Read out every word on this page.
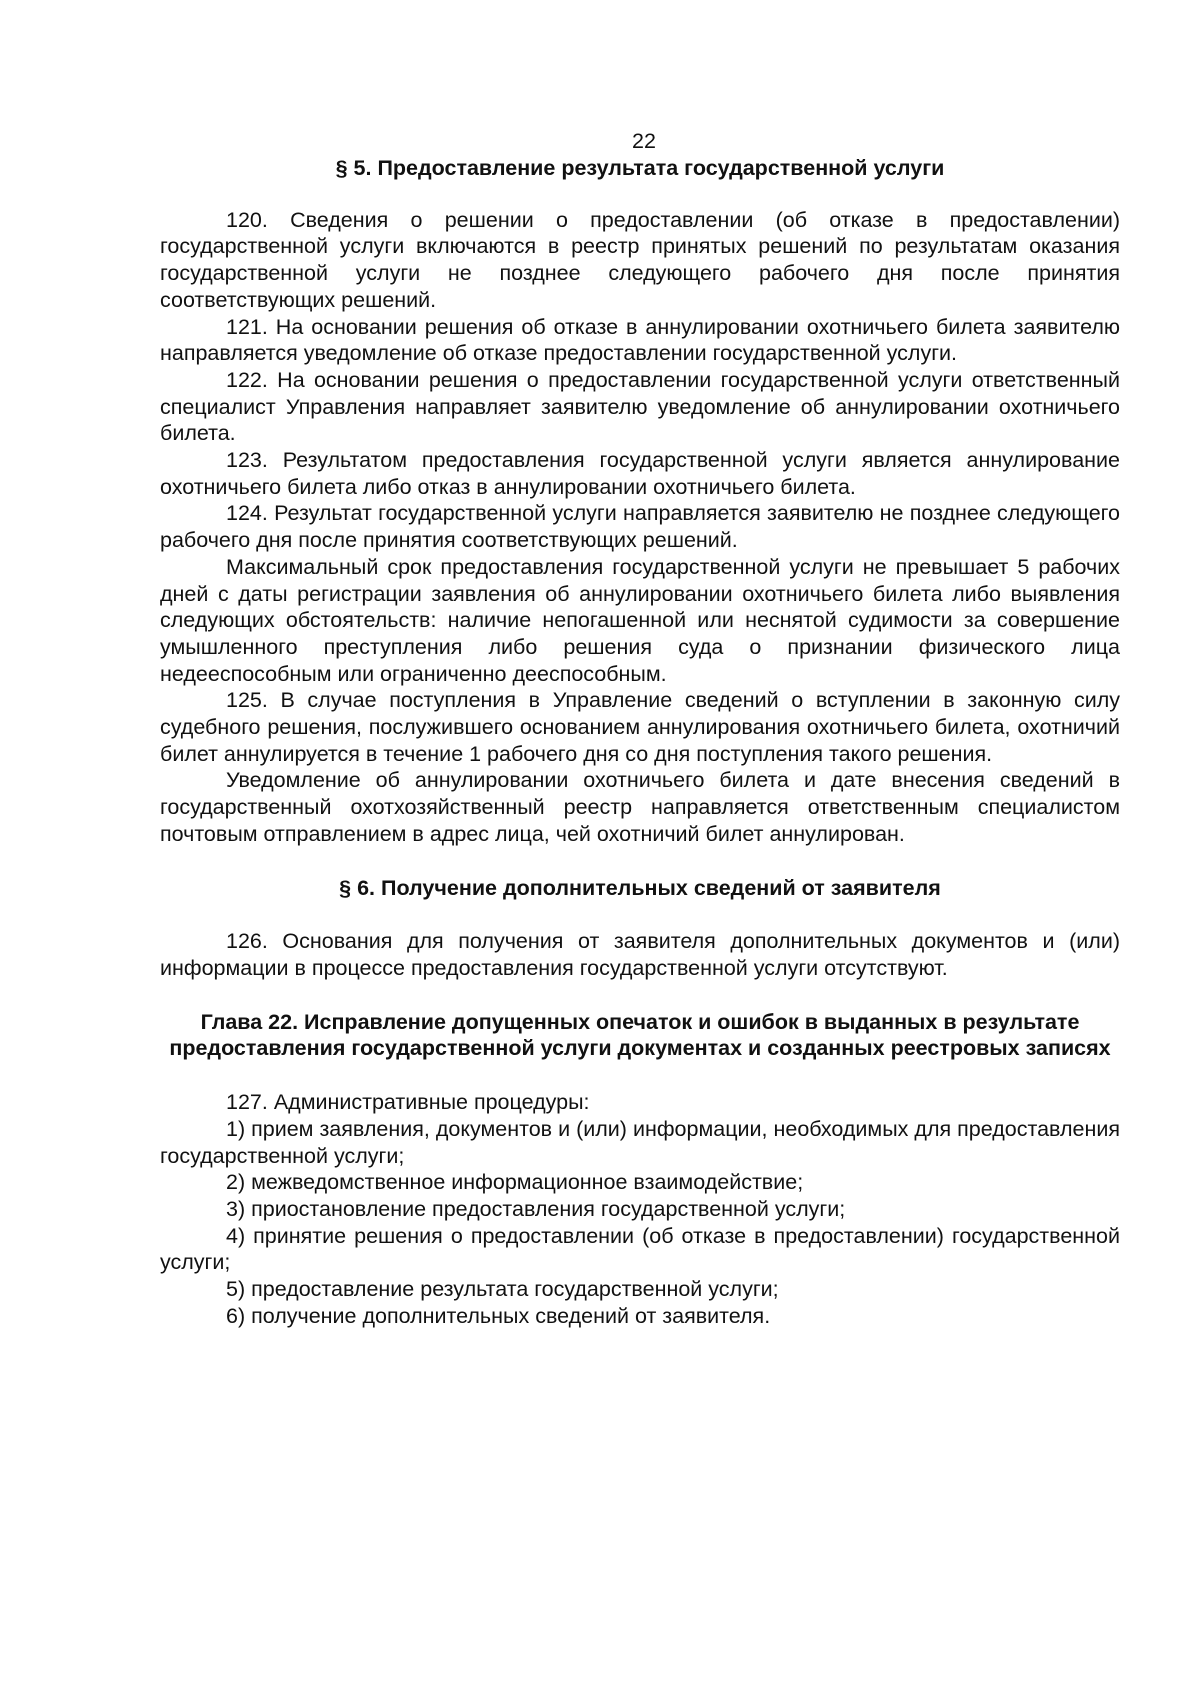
22

§ 5. Предоставление результата государственной услуги

120. Сведения о решении о предоставлении (об отказе в предоставлении) государственной услуги включаются в реестр принятых решений по результатам оказания государственной услуги не позднее следующего рабочего дня после принятия соответствующих решений.

121. На основании решения об отказе в аннулировании охотничьего билета заявителю направляется уведомление об отказе предоставлении государственной услуги.

122. На основании решения о предоставлении государственной услуги ответственный специалист Управления направляет заявителю уведомление об аннулировании охотничьего билета.

123. Результатом предоставления государственной услуги является аннулирование охотничьего билета либо отказ в аннулировании охотничьего билета.

124. Результат государственной услуги направляется заявителю не позднее следующего рабочего дня после принятия соответствующих решений.

Максимальный срок предоставления государственной услуги не превышает 5 рабочих дней с даты регистрации заявления об аннулировании охотничьего билета либо выявления следующих обстоятельств: наличие непогашенной или неснятой судимости за совершение умышленного преступления либо решения суда о признании физического лица недееспособным или ограниченно дееспособным.

125. В случае поступления в Управление сведений о вступлении в законную силу судебного решения, послужившего основанием аннулирования охотничьего билета, охотничий билет аннулируется в течение 1 рабочего дня со дня поступления такого решения.

Уведомление об аннулировании охотничьего билета и дате внесения сведений в государственный охотхозяйственный реестр направляется ответственным специалистом почтовым отправлением в адрес лица, чей охотничий билет аннулирован.

§ 6. Получение дополнительных сведений от заявителя

126. Основания для получения от заявителя дополнительных документов и (или) информации в процессе предоставления государственной услуги отсутствуют.

Глава 22. Исправление допущенных опечаток и ошибок в выданных в результате предоставления государственной услуги документах и созданных реестровых записях

127. Административные процедуры:

1) прием заявления, документов и (или) информации, необходимых для предоставления государственной услуги;

2) межведомственное информационное взаимодействие;

3) приостановление предоставления государственной услуги;

4) принятие решения о предоставлении (об отказе в предоставлении) государственной услуги;

5) предоставление результата государственной услуги;

6) получение дополнительных сведений от заявителя.
